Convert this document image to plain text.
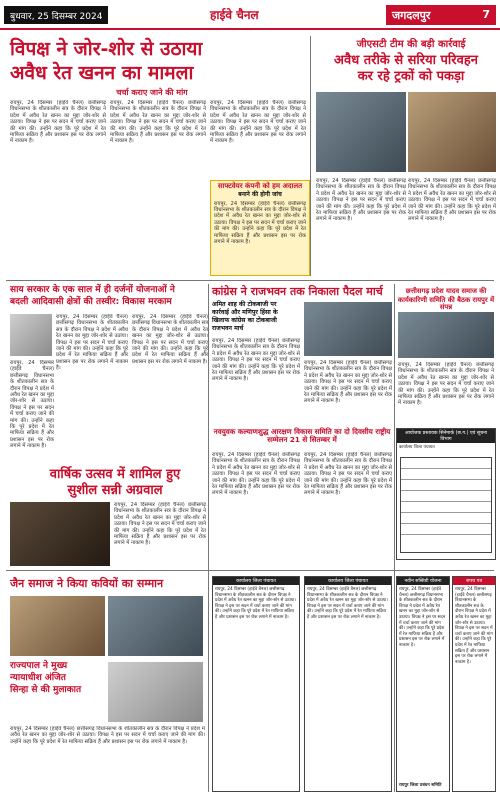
बुधवार, 25 दिसम्बर 2024	हाईवे चैनल	जगदलपुर	7
विपक्ष ने जोर-शोर से उठाया
अवैध रेत खनन का मामला
चर्चा कराए जाने की मांग
रायपुर, 24 दिसम्बर (हाईवे चैनल) छत्तीसगढ़ विधानसभा के शीतकालीन सत्र के दौरान विपक्ष ने प्रदेश में अवैध रेत खनन का मुद्दा जोर-शोर से उठाया। विपक्ष ने इस पर सदन में चर्चा कराए जाने की मांग की। उन्होंने कहा कि पूरे प्रदेश में रेत माफिया सक्रिय हैं और प्रशासन इस पर रोक लगाने में नाकाम है।
रायपुर, 24 दिसम्बर (हाईवे चैनल) छत्तीसगढ़ विधानसभा के शीतकालीन सत्र के दौरान विपक्ष ने प्रदेश में अवैध रेत खनन का मुद्दा जोर-शोर से उठाया। विपक्ष ने इस पर सदन में चर्चा कराए जाने की मांग की। उन्होंने कहा कि पूरे प्रदेश में रेत माफिया सक्रिय हैं और प्रशासन इस पर रोक लगाने में नाकाम है।
रायपुर, 24 दिसम्बर (हाईवे चैनल) छत्तीसगढ़ विधानसभा के शीतकालीन सत्र के दौरान विपक्ष ने प्रदेश में अवैध रेत खनन का मुद्दा जोर-शोर से उठाया। विपक्ष ने इस पर सदन में चर्चा कराए जाने की मांग की। उन्होंने कहा कि पूरे प्रदेश में रेत माफिया सक्रिय हैं और प्रशासन इस पर रोक लगाने में नाकाम है।
जीएसटी टीम की बड़ी कार्रवाई
अवैध तरीके से सरिया परिवहन
कर रहे ट्रकों को पकड़ा
रायपुर, 24 दिसम्बर (हाईवे चैनल) छत्तीसगढ़ विधानसभा के शीतकालीन सत्र के दौरान विपक्ष ने प्रदेश में अवैध रेत खनन का मुद्दा जोर-शोर से उठाया। विपक्ष ने इस पर सदन में चर्चा कराए जाने की मांग की। उन्होंने कहा कि पूरे प्रदेश में रेत माफिया सक्रिय हैं और प्रशासन इस पर रोक लगाने में नाकाम है।
रायपुर, 24 दिसम्बर (हाईवे चैनल) छत्तीसगढ़ विधानसभा के शीतकालीन सत्र के दौरान विपक्ष ने प्रदेश में अवैध रेत खनन का मुद्दा जोर-शोर से उठाया। विपक्ष ने इस पर सदन में चर्चा कराए जाने की मांग की। उन्होंने कहा कि पूरे प्रदेश में रेत माफिया सक्रिय हैं और प्रशासन इस पर रोक लगाने में नाकाम है।
साफ्टवेयर कंपनी को हम अदालत
बनाने की होगी जांच
रायपुर, 24 दिसम्बर (हाईवे चैनल) छत्तीसगढ़ विधानसभा के शीतकालीन सत्र के दौरान विपक्ष ने प्रदेश में अवैध रेत खनन का मुद्दा जोर-शोर से उठाया। विपक्ष ने इस पर सदन में चर्चा कराए जाने की मांग की। उन्होंने कहा कि पूरे प्रदेश में रेत माफिया सक्रिय हैं और प्रशासन इस पर रोक लगाने में नाकाम है।
साय सरकार के एक साल में ही दर्जनों योजनाओं ने
बदली आदिवासी क्षेत्रों की तस्वीर: विकास मरकाम
रायपुर, 24 दिसम्बर (हाईवे चैनल) छत्तीसगढ़ विधानसभा के शीतकालीन सत्र के दौरान विपक्ष ने प्रदेश में अवैध रेत खनन का मुद्दा जोर-शोर से उठाया। विपक्ष ने इस पर सदन में चर्चा कराए जाने की मांग की। उन्होंने कहा कि पूरे प्रदेश में रेत माफिया सक्रिय हैं और प्रशासन इस पर रोक लगाने में नाकाम है।
रायपुर, 24 दिसम्बर (हाईवे चैनल) छत्तीसगढ़ विधानसभा के शीतकालीन सत्र के दौरान विपक्ष ने प्रदेश में अवैध रेत खनन का मुद्दा जोर-शोर से उठाया। विपक्ष ने इस पर सदन में चर्चा कराए जाने की मांग की। उन्होंने कहा कि पूरे प्रदेश में रेत माफिया सक्रिय हैं और प्रशासन इस पर रोक लगाने में नाकाम है।
रायपुर, 24 दिसम्बर (हाईवे चैनल) छत्तीसगढ़ विधानसभा के शीतकालीन सत्र के दौरान विपक्ष ने प्रदेश में अवैध रेत खनन का मुद्दा जोर-शोर से उठाया। विपक्ष ने इस पर सदन में चर्चा कराए जाने की मांग की। उन्होंने कहा कि पूरे प्रदेश में रेत माफिया सक्रिय हैं और प्रशासन इस पर रोक लगाने में नाकाम है।
कांग्रेस ने राजभवन तक निकाला पैदल मार्च
अमित शाह की टोकबाजी पर
कार्रवाई और मणिपुर हिंसा के
खिलाफ कांग्रेस का टोकबाजी
राजभवन मार्च
रायपुर, 24 दिसम्बर (हाईवे चैनल) छत्तीसगढ़ विधानसभा के शीतकालीन सत्र के दौरान विपक्ष ने प्रदेश में अवैध रेत खनन का मुद्दा जोर-शोर से उठाया। विपक्ष ने इस पर सदन में चर्चा कराए जाने की मांग की। उन्होंने कहा कि पूरे प्रदेश में रेत माफिया सक्रिय हैं और प्रशासन इस पर रोक लगाने में नाकाम है।
रायपुर, 24 दिसम्बर (हाईवे चैनल) छत्तीसगढ़ विधानसभा के शीतकालीन सत्र के दौरान विपक्ष ने प्रदेश में अवैध रेत खनन का मुद्दा जोर-शोर से उठाया। विपक्ष ने इस पर सदन में चर्चा कराए जाने की मांग की। उन्होंने कहा कि पूरे प्रदेश में रेत माफिया सक्रिय हैं और प्रशासन इस पर रोक लगाने में नाकाम है।
छत्तीसगढ़ प्रदेश यादव समाज की
कार्यकारिणी समिति की बैठक रायपुर में संपन्न
रायपुर, 24 दिसम्बर (हाईवे चैनल) छत्तीसगढ़ विधानसभा के शीतकालीन सत्र के दौरान विपक्ष ने प्रदेश में अवैध रेत खनन का मुद्दा जोर-शोर से उठाया। विपक्ष ने इस पर सदन में चर्चा कराए जाने की मांग की। उन्होंने कहा कि पूरे प्रदेश में रेत माफिया सक्रिय हैं और प्रशासन इस पर रोक लगाने में नाकाम है।
वार्षिक उत्सव में शामिल हुए
सुशील सन्नी अग्रवाल
रायपुर, 24 दिसम्बर (हाईवे चैनल) छत्तीसगढ़ विधानसभा के शीतकालीन सत्र के दौरान विपक्ष ने प्रदेश में अवैध रेत खनन का मुद्दा जोर-शोर से उठाया। विपक्ष ने इस पर सदन में चर्चा कराए जाने की मांग की। उन्होंने कहा कि पूरे प्रदेश में रेत माफिया सक्रिय हैं और प्रशासन इस पर रोक लगाने में नाकाम है।
नवयुवक कल्याणशुद्ध आरक्षण विकास समिति का दो दिवसीय राष्ट्रीय सम्मेलन 21 से सितम्बर में
रायपुर, 24 दिसम्बर (हाईवे चैनल) छत्तीसगढ़ विधानसभा के शीतकालीन सत्र के दौरान विपक्ष ने प्रदेश में अवैध रेत खनन का मुद्दा जोर-शोर से उठाया। विपक्ष ने इस पर सदन में चर्चा कराए जाने की मांग की। उन्होंने कहा कि पूरे प्रदेश में रेत माफिया सक्रिय हैं और प्रशासन इस पर रोक लगाने में नाकाम है।
रायपुर, 24 दिसम्बर (हाईवे चैनल) छत्तीसगढ़ विधानसभा के शीतकालीन सत्र के दौरान विपक्ष ने प्रदेश में अवैध रेत खनन का मुद्दा जोर-शोर से उठाया। विपक्ष ने इस पर सदन में चर्चा कराए जाने की मांग की। उन्होंने कहा कि पूरे प्रदेश में रेत माफिया सक्रिय हैं और प्रशासन इस पर रोक लगाने में नाकाम है।
आयोजक प्रस्तावक सिनेमार्क (छ.ग.) एवं सूचना विभाग
कार्यालय जिला पंचायत
जैन समाज ने किया कवियों का सम्मान
राज्यपाल ने मुख्य
न्यायाधीश अंजित
सिन्हा से की मुलाकात
रायपुर, 24 दिसम्बर (हाईवे चैनल) छत्तीसगढ़ विधानसभा के शीतकालीन सत्र के दौरान विपक्ष ने प्रदेश में अवैध रेत खनन का मुद्दा जोर-शोर से उठाया। विपक्ष ने इस पर सदन में चर्चा कराए जाने की मांग की। उन्होंने कहा कि पूरे प्रदेश में रेत माफिया सक्रिय हैं और प्रशासन इस पर रोक लगाने में नाकाम है।
कार्यालय जिला पंचायत
रायपुर, 24 दिसम्बर (हाईवे चैनल) छत्तीसगढ़ विधानसभा के शीतकालीन सत्र के दौरान विपक्ष ने प्रदेश में अवैध रेत खनन का मुद्दा जोर-शोर से उठाया। विपक्ष ने इस पर सदन में चर्चा कराए जाने की मांग की। उन्होंने कहा कि पूरे प्रदेश में रेत माफिया सक्रिय हैं और प्रशासन इस पर रोक लगाने में नाकाम है।
कार्यालय जिला पंचायत
रायपुर, 24 दिसम्बर (हाईवे चैनल) छत्तीसगढ़ विधानसभा के शीतकालीन सत्र के दौरान विपक्ष ने प्रदेश में अवैध रेत खनन का मुद्दा जोर-शोर से उठाया। विपक्ष ने इस पर सदन में चर्चा कराए जाने की मांग की। उन्होंने कहा कि पूरे प्रदेश में रेत माफिया सक्रिय हैं और प्रशासन इस पर रोक लगाने में नाकाम है।
नवीन सब्सिडी योजना
रायपुर, 24 दिसम्बर (हाईवे चैनल) छत्तीसगढ़ विधानसभा के शीतकालीन सत्र के दौरान विपक्ष ने प्रदेश में अवैध रेत खनन का मुद्दा जोर-शोर से उठाया। विपक्ष ने इस पर सदन में चर्चा कराए जाने की मांग की। उन्होंने कहा कि पूरे प्रदेश में रेत माफिया सक्रिय हैं और प्रशासन इस पर रोक लगाने में नाकाम है।
रायपुर जिला प्रबंधन समिति
शपथ पत्र
रायपुर, 24 दिसम्बर (हाईवे चैनल) छत्तीसगढ़ विधानसभा के शीतकालीन सत्र के दौरान विपक्ष ने प्रदेश में अवैध रेत खनन का मुद्दा जोर-शोर से उठाया। विपक्ष ने इस पर सदन में चर्चा कराए जाने की मांग की। उन्होंने कहा कि पूरे प्रदेश में रेत माफिया सक्रिय हैं और प्रशासन इस पर रोक लगाने में नाकाम है।
